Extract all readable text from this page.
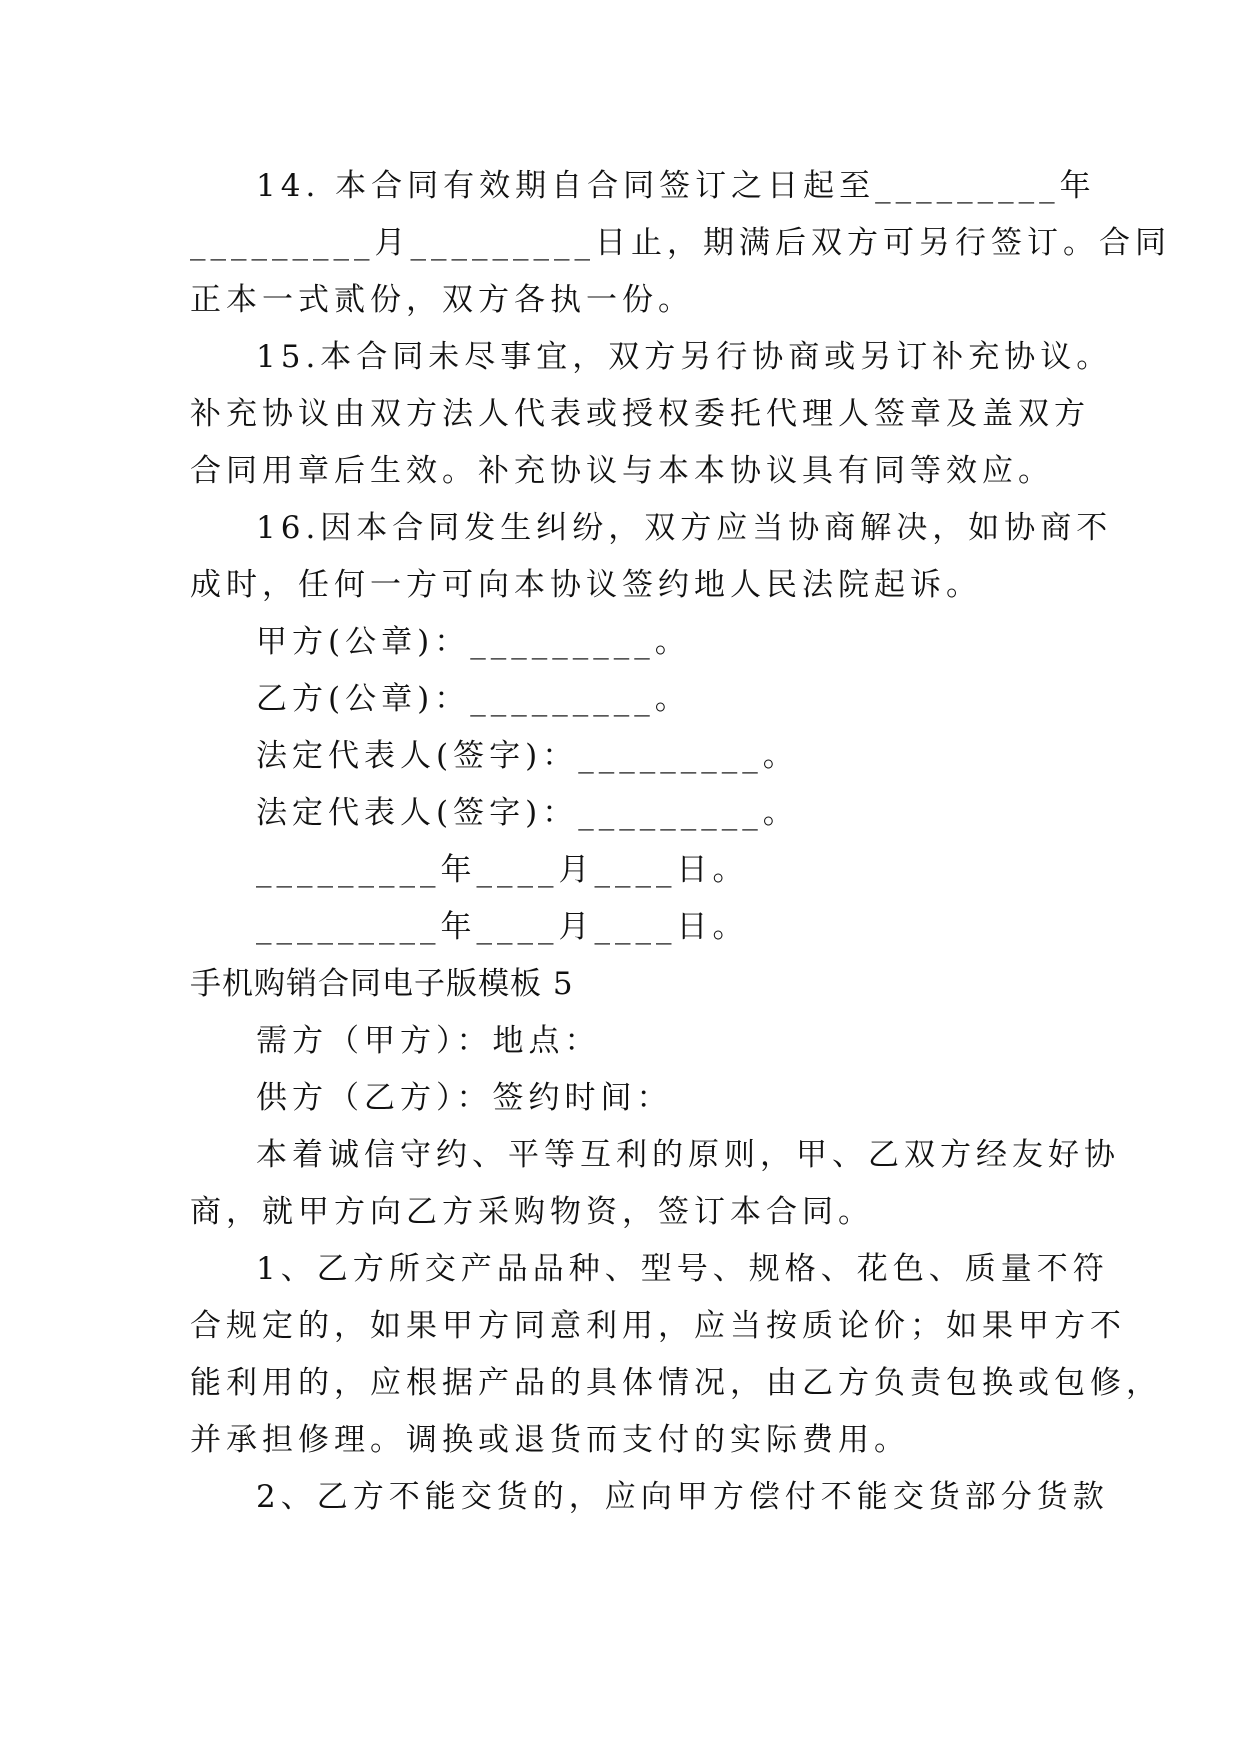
14. 本合同有效期自合同签订之日起至_________年
_________月_________日止，期满后双方可另行签订。合同
正本一式贰份，双方各执一份。
15.本合同未尽事宜，双方另行协商或另订补充协议。
补充协议由双方法人代表或授权委托代理人签章及盖双方
合同用章后生效。补充协议与本本协议具有同等效应。
16.因本合同发生纠纷，双方应当协商解决，如协商不
成时，任何一方可向本协议签约地人民法院起诉。
甲方(公章)：_________。
乙方(公章)：_________。
法定代表人(签字)：_________。
法定代表人(签字)：_________。
_________年____月____日。
_________年____月____日。
手机购销合同电子版模板 5
需方（甲方）：地点：
供方（乙方）：签约时间：
本着诚信守约、平等互利的原则，甲、乙双方经友好协
商，就甲方向乙方采购物资，签订本合同。
1、乙方所交产品品种、型号、规格、花色、质量不符
合规定的，如果甲方同意利用，应当按质论价；如果甲方不
能利用的，应根据产品的具体情况，由乙方负责包换或包修，
并承担修理。调换或退货而支付的实际费用。
2、乙方不能交货的，应向甲方偿付不能交货部分货款
